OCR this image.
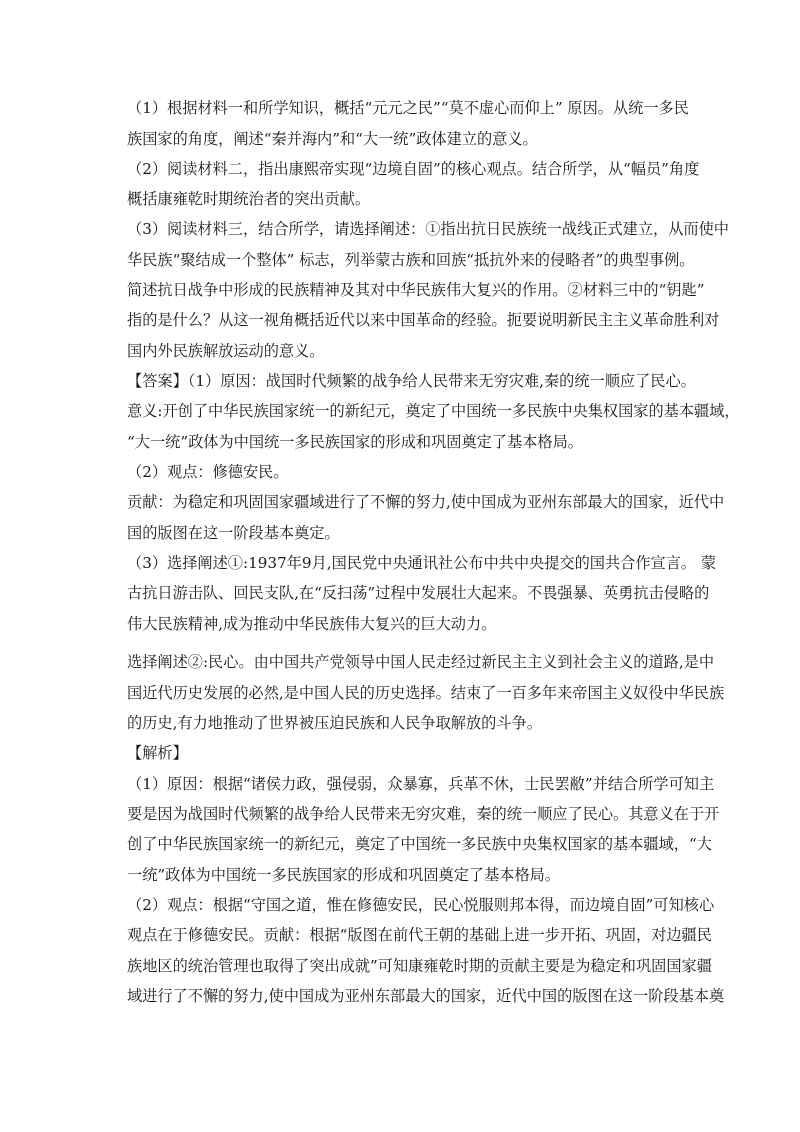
（1）根据材料一和所学知识，概括“元元之民”“莫不虚心而仰上” 原因。从统一多民
族国家的角度，阐述“秦并海内”和“大一统”政体建立的意义。
（2）阅读材料二，指出康熙帝实现“边境自固”的核心观点。结合所学，从“幅员”角度
概括康雍乾时期统治者的突出贡献。
（3）阅读材料三，结合所学，请选择阐述：①指出抗日民族统一战线正式建立，从而使中
华民族“聚结成一个整体” 标志，列举蒙古族和回族“抵抗外来的侵略者”的典型事例。
简述抗日战争中形成的民族精神及其对中华民族伟大复兴的作用。②材料三中的“钥匙”
指的是什么？从这一视角概括近代以来中国革命的经验。扼要说明新民主主义革命胜利对
国内外民族解放运动的意义。
【答案】（1）原因：战国时代频繁的战争给人民带来无穷灾难,秦的统一顺应了民心。
意义:开创了中华民族国家统一的新纪元，奠定了中国统一多民族中央集权国家的基本疆域，
“大一统”政体为中国统一多民族国家的形成和巩固奠定了基本格局。
（2）观点：修德安民。
贡献：为稳定和巩固国家疆域进行了不懈的努力,使中国成为亚州东部最大的国家，近代中
国的版图在这一阶段基本奠定。
（3）选择阐述①:1937年9月,国民党中央通讯社公布中共中央提交的国共合作宣言。 蒙
古抗日游击队、回民支队,在“反扫荡”过程中发展壮大起来。不畏强暴、英勇抗击侵略的
伟大民族精神,成为推动中华民族伟大复兴的巨大动力。
选择阐述②:民心。由中国共产党领导中国人民走经过新民主主义到社会主义的道路,是中
国近代历史发展的必然,是中国人民的历史选择。结束了一百多年来帝国主义奴役中华民族
的历史,有力地推动了世界被压迫民族和人民争取解放的斗争。
【解析】
（1）原因：根据“诸侯力政，强侵弱，众暴寡，兵革不休，士民罢敝”并结合所学可知主
要是因为战国时代频繁的战争给人民带来无穷灾难，秦的统一顺应了民心。其意义在于开
创了中华民族国家统一的新纪元，奠定了中国统一多民族中央集权国家的基本疆域，“大
一统”政体为中国统一多民族国家的形成和巩固奠定了基本格局。
（2）观点：根据“守国之道，惟在修德安民，民心悦服则邦本得，而边境自固”可知核心
观点在于修德安民。贡献：根据“版图在前代王朝的基础上进一步开拓、巩固，对边疆民
族地区的统治管理也取得了突出成就”可知康雍乾时期的贡献主要是为稳定和巩固国家疆
域进行了不懈的努力,使中国成为亚州东部最大的国家，近代中国的版图在这一阶段基本奠
